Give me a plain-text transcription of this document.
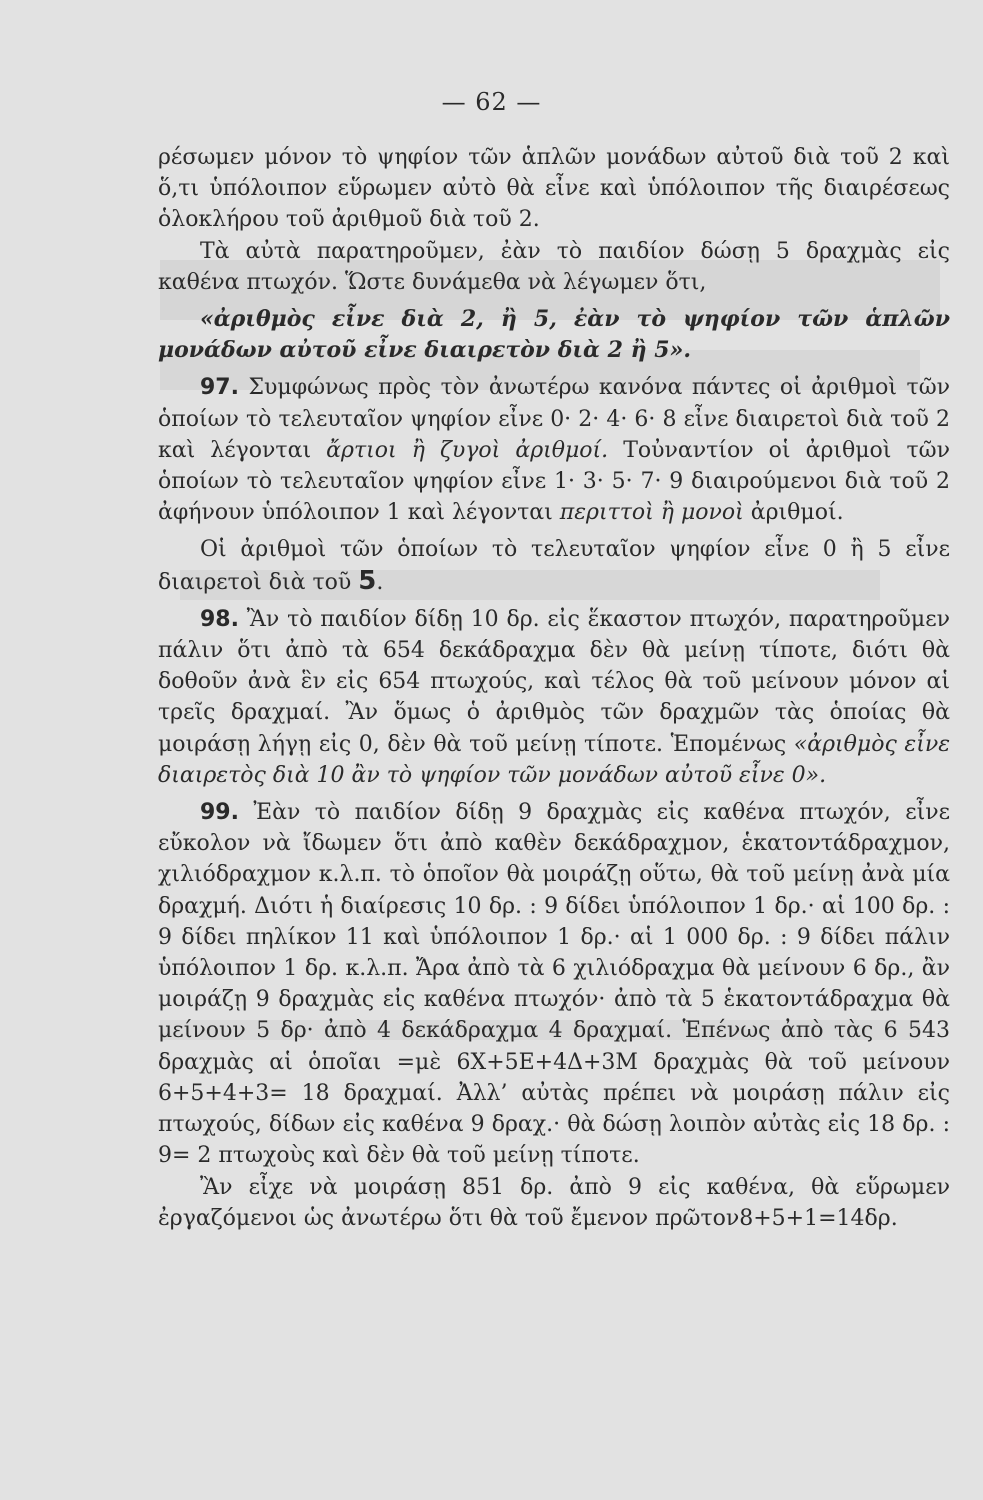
— 62 —

ρέσωμεν μόνον τὸ ψηφίον τῶν ἁπλῶν μονάδων αὐτοῦ διὰ τοῦ 2 καὶ ὅ,τι ὑπόλοιπον εὕρωμεν αὐτὸ θὰ εἶνε καὶ ὑπόλοιπον τῆς διαιρέσεως ὁλοκλήρου τοῦ ἀριθμοῦ διὰ τοῦ 2.

Τὰ αὐτὰ παρατηροῦμεν, ἐὰν τὸ παιδίον δώσῃ 5 δραχμὰς εἰς καθένα πτωχόν. Ὥστε δυνάμεθα νὰ λέγωμεν ὅτι,

«ἀριθμὸς εἶνε διὰ 2, ἢ 5, ἐὰν τὸ ψηφίον τῶν ἁπλῶν μονάδων αὐτοῦ εἶνε διαιρετὸν διὰ 2 ἢ 5».

97. Συμφώνως πρὸς τὸν ἀνωτέρω κανόνα πάντες οἱ ἀριθμοὶ τῶν ὁποίων τὸ τελευταῖον ψηφίον εἶνε 0· 2· 4· 6· 8 εἶνε διαιρετοὶ διὰ τοῦ 2 καὶ λέγονται ἄρτιοι ἢ ζυγοὶ ἀριθμοί. Τοὐναντίον οἱ ἀριθμοὶ τῶν ὁποίων τὸ τελευταῖον ψηφίον εἶνε 1· 3· 5· 7· 9 διαιρούμενοι διὰ τοῦ 2 ἀφήνουν ὑπόλοιπον 1 καὶ λέγονται περιττοὶ ἢ μονοὶ ἀριθμοί.

Οἱ ἀριθμοὶ τῶν ὁποίων τὸ τελευταῖον ψηφίον εἶνε 0 ἢ 5 εἶνε διαιρετοὶ διὰ τοῦ 5.

98. Ἂν τὸ παιδίον δίδῃ 10 δρ. εἰς ἕκαστον πτωχόν, παρατηροῦμεν πάλιν ὅτι ἀπὸ τὰ 654 δεκάδραχμα δὲν θὰ μείνῃ τίποτε, διότι θὰ δοθοῦν ἀνὰ ἓν εἰς 654 πτωχούς, καὶ τέλος θὰ τοῦ μείνουν μόνον αἱ τρεῖς δραχμαί. Ἂν ὅμως ὁ ἀριθμὸς τῶν δραχμῶν τὰς ὁποίας θὰ μοιράσῃ λήγῃ εἰς 0, δὲν θὰ τοῦ μείνῃ τίποτε. Ἑπομένως «ἀριθμὸς εἶνε διαιρετὸς διὰ 10 ἂν τὸ ψηφίον τῶν μονάδων αὐτοῦ εἶνε 0».

99. Ἐὰν τὸ παιδίον δίδῃ 9 δραχμὰς εἰς καθένα πτωχόν, εἶνε εὔκολον νὰ ἴδωμεν ὅτι ἀπὸ καθὲν δεκάδραχμον, ἑκατοντάδραχμον, χιλιόδραχμον κ.λ.π. τὸ ὁποῖον θὰ μοιράζῃ οὕτω, θὰ τοῦ μείνῃ ἀνὰ μία δραχμή. Διότι ἡ διαίρεσις 10 δρ. : 9 δίδει ὑπόλοιπον 1 δρ.· αἱ 100 δρ. : 9 δίδει πηλίκον 11 καὶ ὑπόλοιπον 1 δρ.· αἱ 1 000 δρ. : 9 δίδει πάλιν ὑπόλοιπον 1 δρ. κ.λ.π. Ἄρα ἀπὸ τὰ 6 χιλιόδραχμα θὰ μείνουν 6 δρ., ἂν μοιράζῃ 9 δραχμὰς εἰς καθένα πτωχόν· ἀπὸ τὰ 5 ἑκατοντάδραχμα θὰ μείνουν 5 δρ· ἀπὸ 4 δεκάδραχμα 4 δραχμαί. Ἑπένως ἀπὸ τὰς 6 543 δραχμὰς αἱ ὁποῖαι =μὲ 6Χ+5Ε+4Δ+3Μ δραχμὰς θὰ τοῦ μείνουν 6+5+4+3= 18 δραχμαί. Ἀλλ’ αὐτὰς πρέπει νὰ μοιράσῃ πάλιν εἰς πτωχούς, δίδων εἰς καθένα 9 δραχ.· θὰ δώσῃ λοιπὸν αὐτὰς εἰς 18 δρ. : 9= 2 πτωχοὺς καὶ δὲν θὰ τοῦ μείνῃ τίποτε.

Ἂν εἶχε νὰ μοιράσῃ 851 δρ. ἀπὸ 9 εἰς καθένα, θὰ εὕρωμεν ἐργαζόμενοι ὡς ἀνωτέρω ὅτι θὰ τοῦ ἔμενον πρῶτον8+5+1=14δρ.
